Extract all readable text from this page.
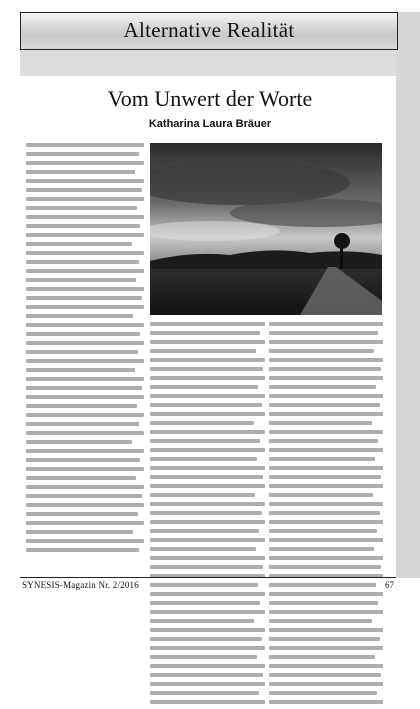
Alternative Realität
Vom Unwert der Worte
Katharina Laura Bräuer
SYNESIS-Magazin Nr. 2/2016	67
